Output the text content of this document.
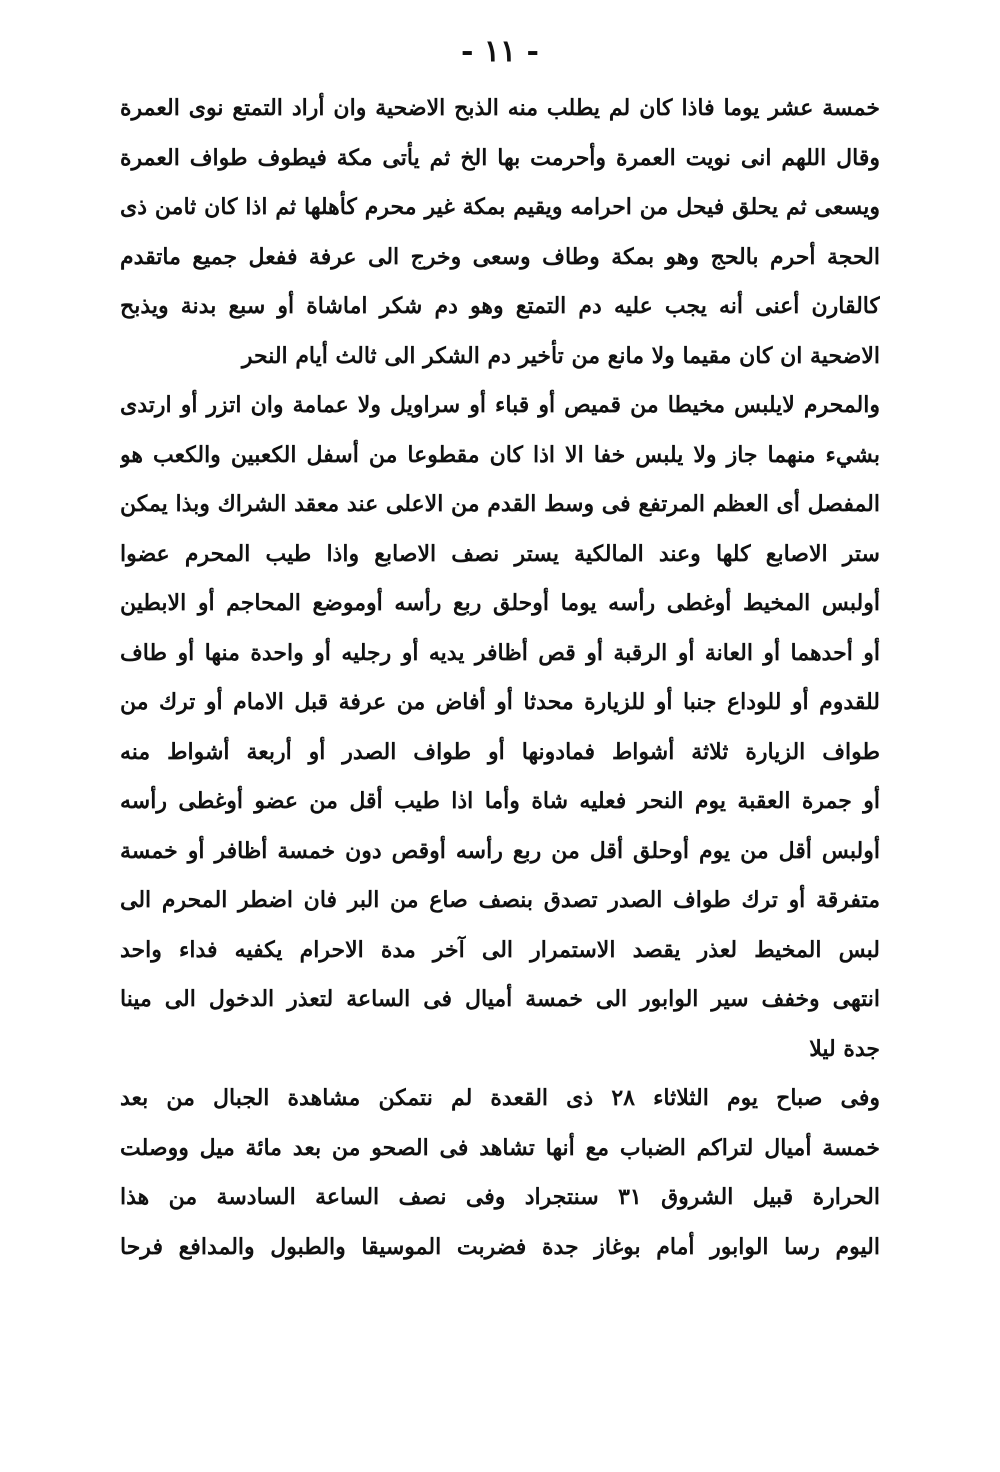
- ١١ -
خمسة عشر يوما فاذا كان لم يطلب منه الذبح الاضحية وان أراد التمتع نوى العمرة
وقال اللهم انى نويت العمرة وأحرمت بها الخ ثم يأتى مكة فيطوف طواف العمرة
ويسعى ثم يحلق فيحل من احرامه ويقيم بمكة غير محرم كأهلها ثم اذا كان ثامن ذى
الحجة أحرم بالحج وهو بمكة وطاف وسعى وخرج الى عرفة ففعل جميع ماتقدم
كالقارن أعنى أنه يجب عليه دم التمتع وهو دم شكر اماشاة أو سبع بدنة ويذبح
الاضحية ان كان مقيما ولا مانع من تأخير دم الشكر الى ثالث أيام النحر
والمحرم لايلبس مخيطا من قميص أو قباء أو سراويل ولا عمامة وان اتزر أو ارتدى
بشيء منهما جاز ولا يلبس خفا الا اذا كان مقطوعا من أسفل الكعبين والكعب هو
المفصل أى العظم المرتفع فى وسط القدم من الاعلى عند معقد الشراك وبذا يمكن
ستر الاصابع كلها وعند المالكية يستر نصف الاصابع واذا طيب المحرم عضوا
أولبس المخيط أوغطى رأسه يوما أوحلق ربع رأسه أوموضع المحاجم أو الابطين
أو أحدهما أو العانة أو الرقبة أو قص أظافر يديه أو رجليه أو واحدة منها أو طاف
للقدوم أو للوداع جنبا أو للزيارة محدثا أو أفاض من عرفة قبل الامام أو ترك من
طواف الزيارة ثلاثة أشواط فمادونها أو طواف الصدر أو أربعة أشواط منه
أو جمرة العقبة يوم النحر فعليه شاة وأما اذا طيب أقل من عضو أوغطى رأسه
أولبس أقل من يوم أوحلق أقل من ربع رأسه أوقص دون خمسة أظافر أو خمسة
متفرقة أو ترك طواف الصدر تصدق بنصف صاع من البر فان اضطر المحرم الى
لبس المخيط لعذر يقصد الاستمرار الى آخر مدة الاحرام يكفيه فداء واحد
انتهى وخفف سير الوابور الى خمسة أميال فى الساعة لتعذر الدخول الى مينا
جدة ليلا
وفى صباح يوم الثلاثاء ٢٨ ذى القعدة لم نتمكن مشاهدة الجبال من بعد
خمسة أميال لتراكم الضباب مع أنها تشاهد فى الصحو من بعد مائة ميل ووصلت
الحرارة قبيل الشروق ٣١ سنتجراد وفى نصف الساعة السادسة من هذا
اليوم رسا الوابور أمام بوغاز جدة فضربت الموسيقا والطبول والمدافع فرحا
